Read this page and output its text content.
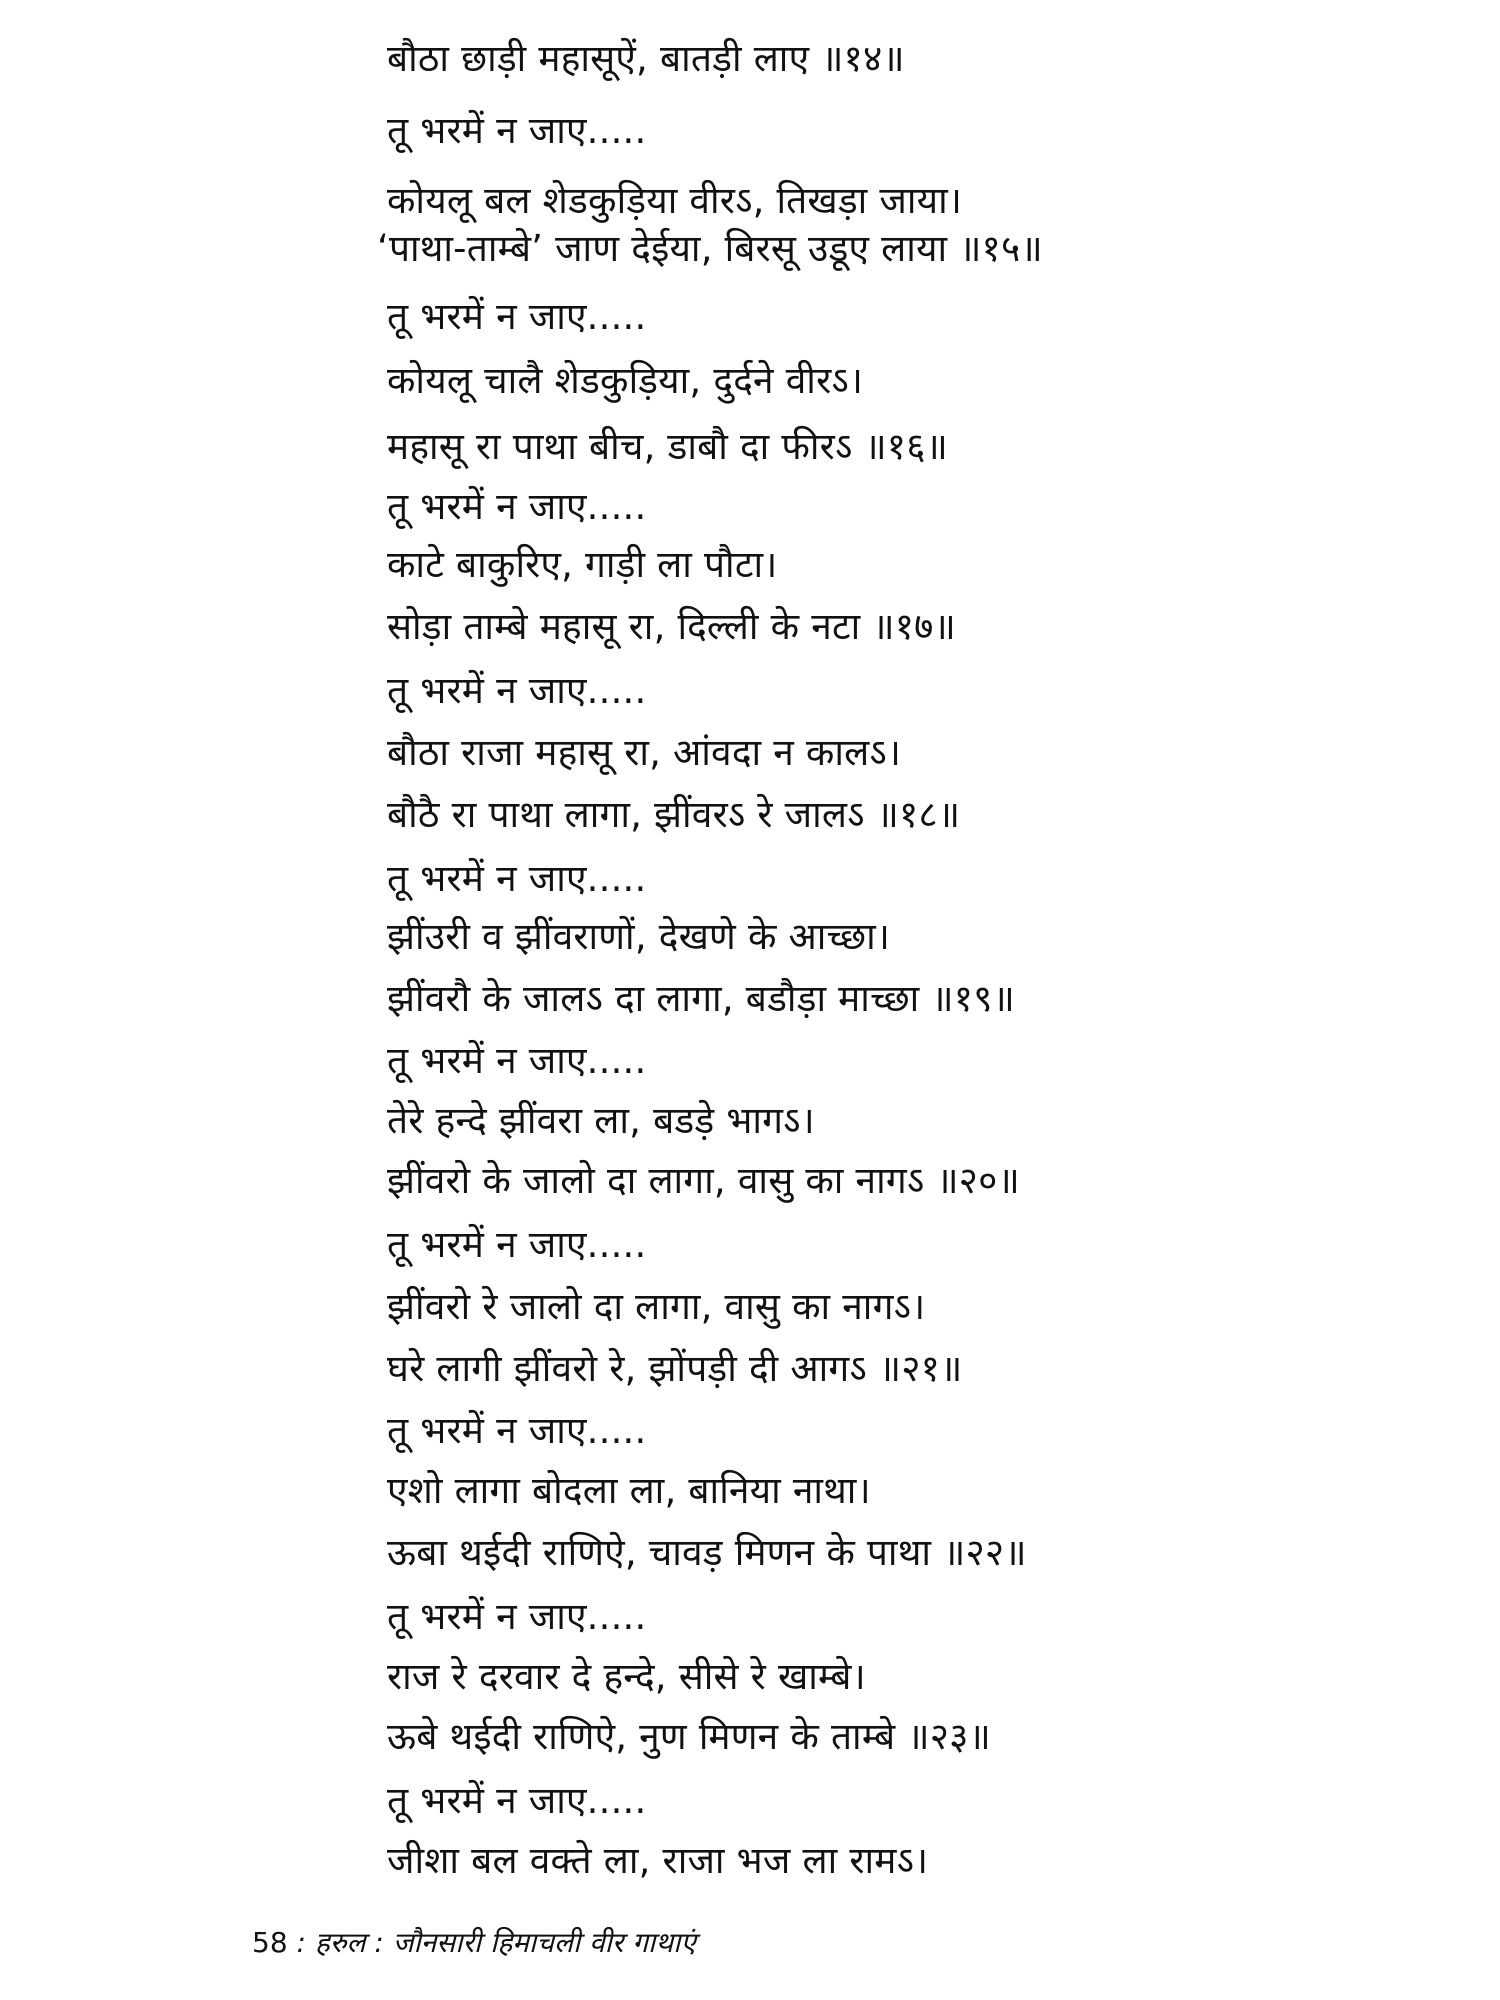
बौठा छाड़ी महासूऐं, बातड़ी लाए ॥१४॥
तू भरमें न जाए.....
कोयलू बल शेडकुड़िया वीरऽ, तिखड़ा जाया।
‘पाथा-ताम्बे’ जाण देईया, बिरसू उडूए लाया ॥१५॥
तू भरमें न जाए.....
कोयलू चालै शेडकुड़िया, दुर्दने वीरऽ।
महासू रा पाथा बीच, डाबौ दा फीरऽ ॥१६॥
तू भरमें न जाए.....
काटे बाकुरिए, गाड़ी ला पौटा।
सोड़ा ताम्बे महासू रा, दिल्ली के नटा ॥१७॥
तू भरमें न जाए.....
बौठा राजा महासू रा, आंवदा न कालऽ।
बौठै रा पाथा लागा, झींवरऽ रे जालऽ ॥१८॥
तू भरमें न जाए.....
झींउरी व झींवराणों, देखणे के आच्छा।
झींवरौ के जालऽ दा लागा, बडौड़ा माच्छा ॥१९॥
तू भरमें न जाए.....
तेरे हन्दे झींवरा ला, बडड़े भागऽ।
झींवरो के जालो दा लागा, वासु का नागऽ ॥२०॥
तू भरमें न जाए.....
झींवरो रे जालो दा लागा, वासु का नागऽ।
घरे लागी झींवरो रे, झोंपड़ी दी आगऽ ॥२१॥
तू भरमें न जाए.....
एशो लागा बोदला ला, बानिया नाथा।
ऊबा थईदी राणिऐ, चावड़ मिणन के पाथा ॥२२॥
तू भरमें न जाए.....
राज रे दरवार दे हन्दे, सीसे रे खाम्बे।
ऊबे थईदी राणिऐ, नुण मिणन के ताम्बे ॥२३॥
तू भरमें न जाए.....
जीशा बल वक्ते ला, राजा भज ला रामऽ।
58 : हरुल : जौनसारी हिमाचली वीर गाथाएं
